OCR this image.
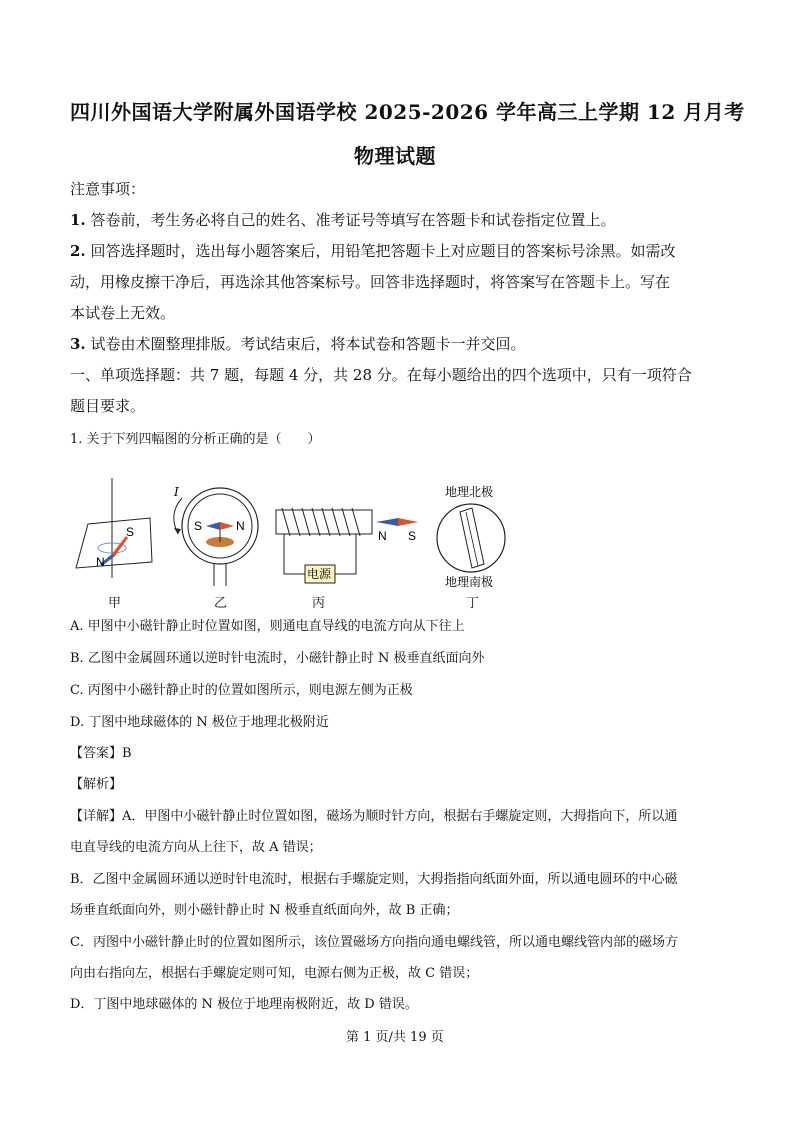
四川外国语大学附属外国语学校 2025-2026 学年高三上学期 12 月月考
物理试题
注意事项：
1. 答卷前，考生务必将自己的姓名、准考证号等填写在答题卡和试卷指定位置上。
2. 回答选择题时，选出每小题答案后，用铅笔把答题卡上对应题目的答案标号涂黑。如需改
动，用橡皮擦干净后，再选涂其他答案标号。回答非选择题时，将答案写在答题卡上。写在
本试卷上无效。
3. 试卷由术圈整理排版。考试结束后，将本试卷和答题卡一并交回。
一、单项选择题：共 7 题，每题 4 分，共 28 分。在每小题给出的四个选项中，只有一项符合
题目要求。
1. 关于下列四幅图的分析正确的是（　　）
S
N
S	N
I
电源
N S
地理北极
地理南极
甲	乙	丙	丁
A. 甲图中小磁针静止时位置如图，则通电直导线的电流方向从下往上
B. 乙图中金属圆环通以逆时针电流时，小磁针静止时 N 极垂直纸面向外
C. 丙图中小磁针静止时的位置如图所示，则电源左侧为正极
D. 丁图中地球磁体的 N 极位于地理北极附近
【答案】B
【解析】
【详解】A．甲图中小磁针静止时位置如图，磁场为顺时针方向，根据右手螺旋定则，大拇指向下，所以通
电直导线的电流方向从上往下，故 A 错误；
B．乙图中金属圆环通以逆时针电流时，根据右手螺旋定则，大拇指指向纸面外面，所以通电圆环的中心磁
场垂直纸面向外，则小磁针静止时 N 极垂直纸面向外，故 B 正确；
C．丙图中小磁针静止时的位置如图所示，该位置磁场方向指向通电螺线管，所以通电螺线管内部的磁场方
向由右指向左，根据右手螺旋定则可知，电源右侧为正极，故 C 错误；
D．丁图中地球磁体的 N 极位于地理南极附近，故 D 错误。
第 1 页/共 19 页
